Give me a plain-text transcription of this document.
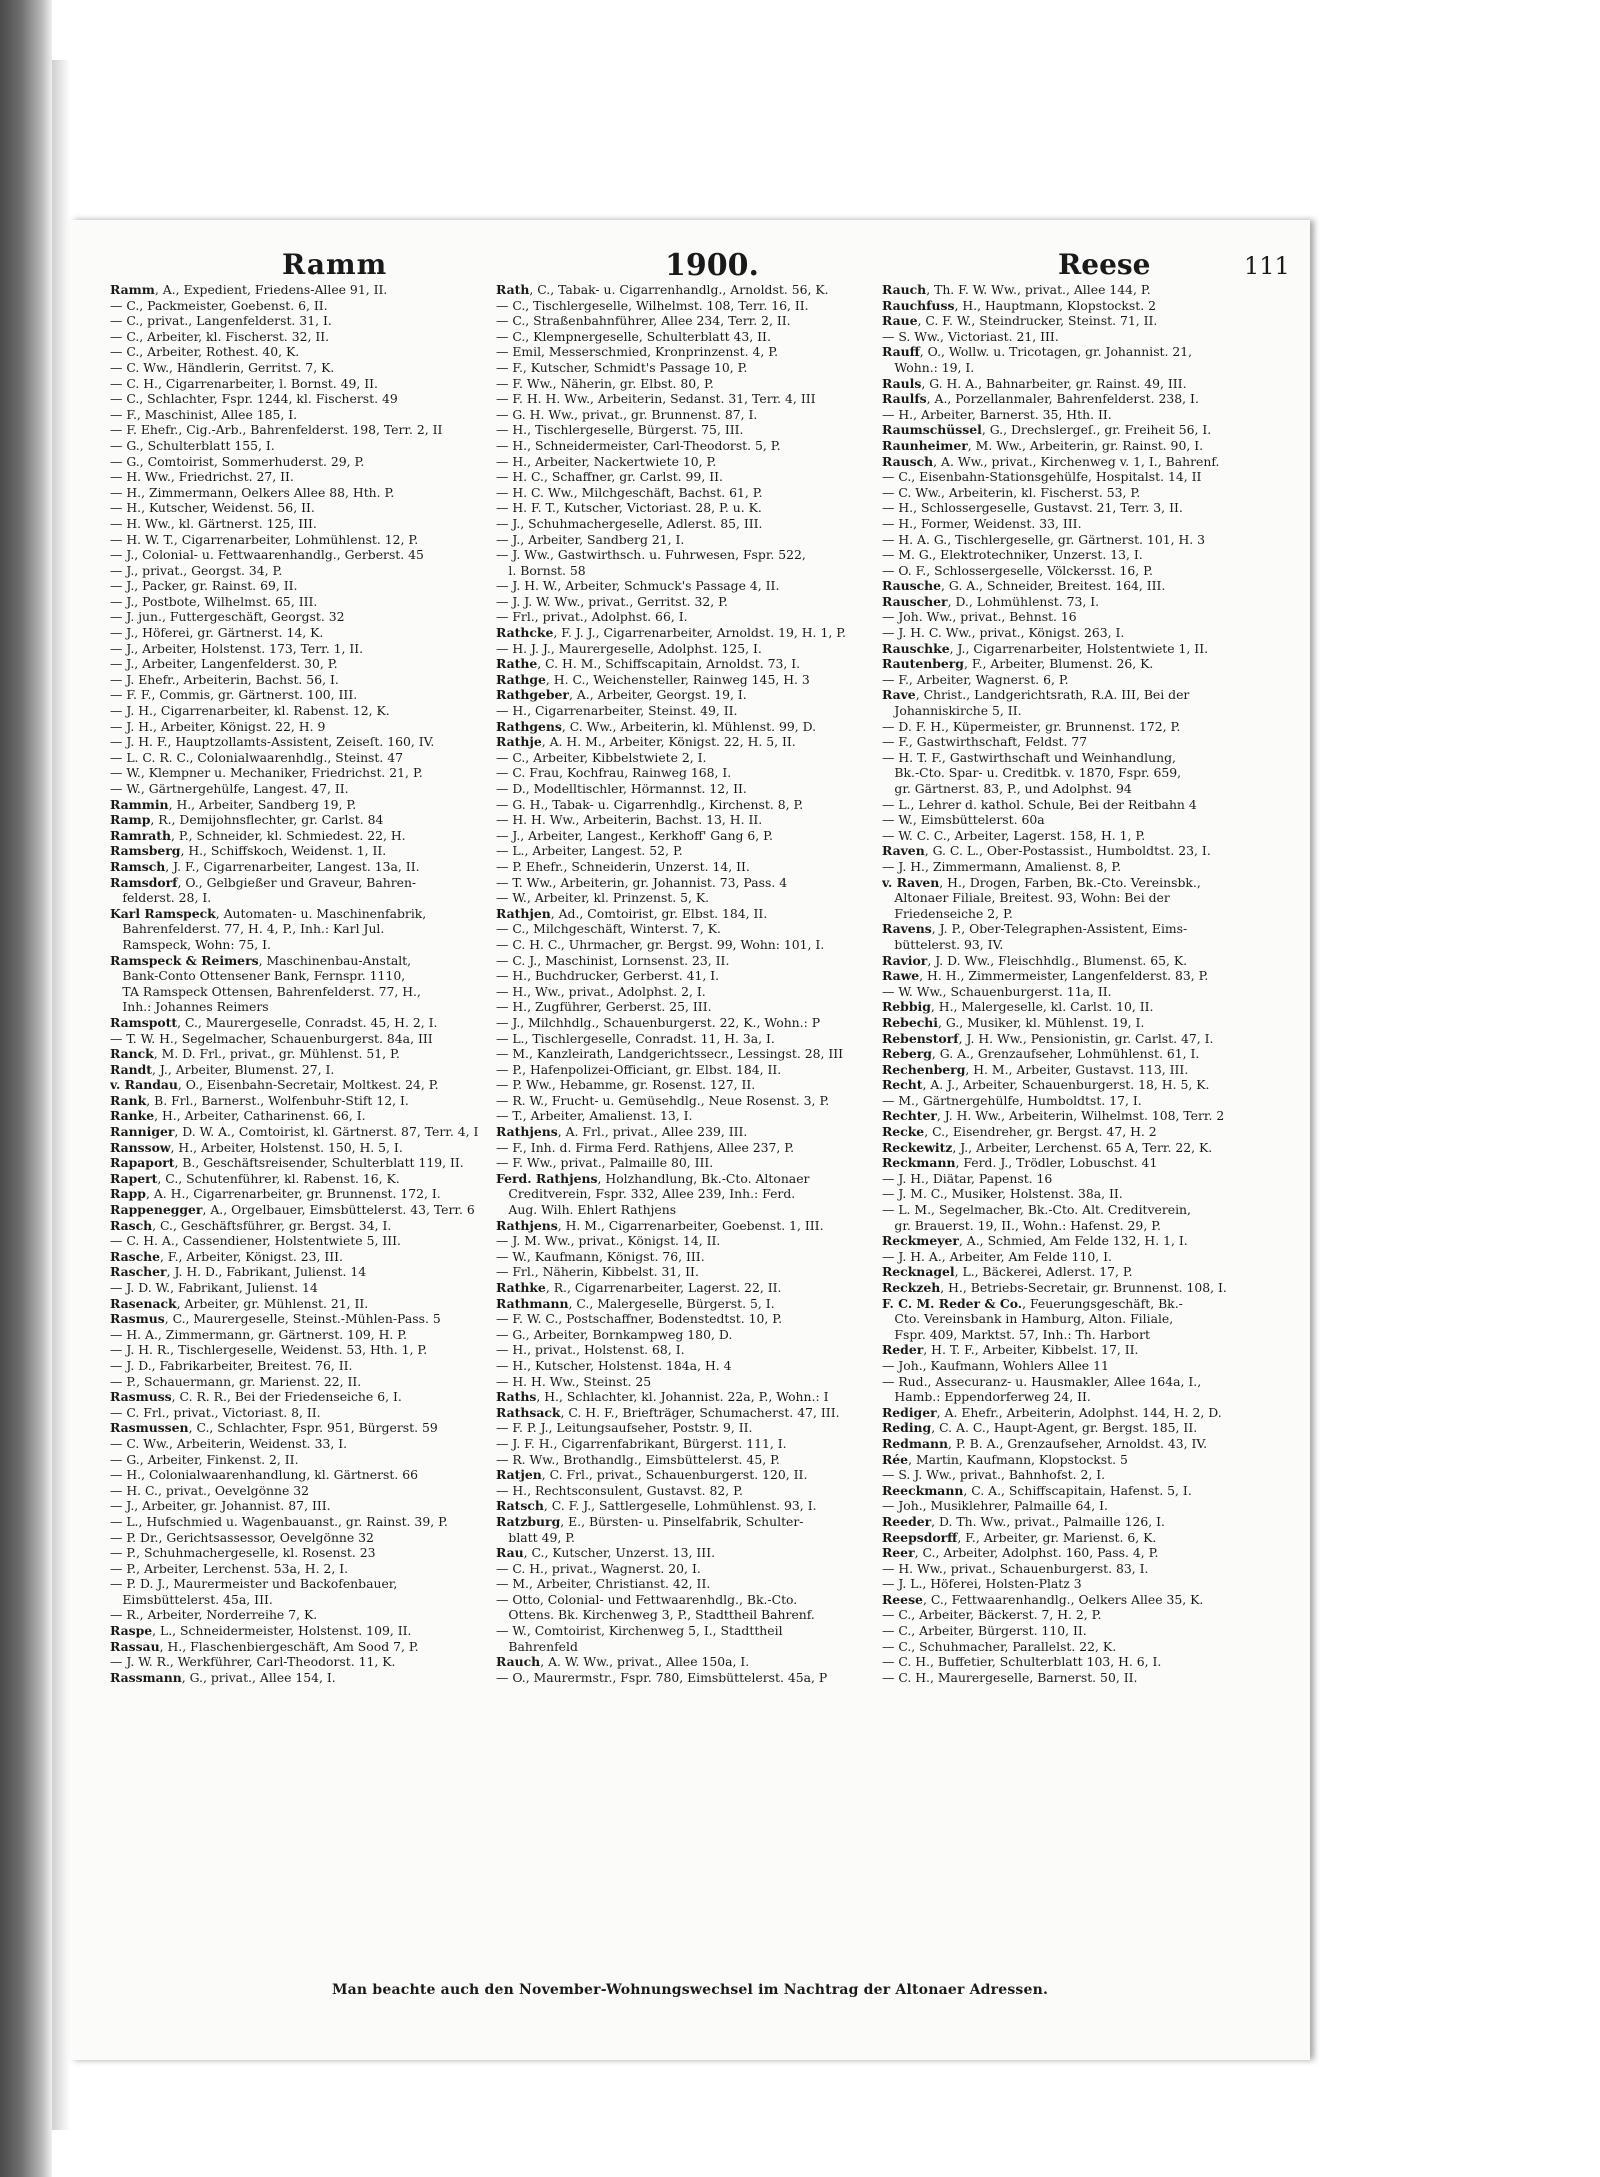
Ramm	1900.	Reese	111

Ramm, A., Expedient, Friedens-Allee 91, II.

— C., Packmeister, Goebenst. 6, II.

— C., privat., Langenfelderst. 31, I.

— C., Arbeiter, kl. Fischerst. 32, II.

— C., Arbeiter, Rothest. 40, K.

— C. Ww., Händlerin, Gerritst. 7, K.

— C. H., Cigarrenarbeiter, l. Bornst. 49, II.

— C., Schlachter, Fspr. 1244, kl. Fischerst. 49

— F., Maschinist, Allee 185, I.

— F. Ehefr., Cig.-Arb., Bahrenfelderst. 198, Terr. 2, II

— G., Schulterblatt 155, I.

— G., Comtoirist, Sommerhuderst. 29, P.

— H. Ww., Friedrichst. 27, II.

— H., Zimmermann, Oelkers Allee 88, Hth. P.

— H., Kutscher, Weidenst. 56, II.

— H. Ww., kl. Gärtnerst. 125, III.

— H. W. T., Cigarrenarbeiter, Lohmühlenst. 12, P.

— J., Colonial- u. Fettwaarenhandlg., Gerberst. 45

— J., privat., Georgst. 34, P.

— J., Packer, gr. Rainst. 69, II.

— J., Postbote, Wilhelmst. 65, III.

— J. jun., Futtergeschäft, Georgst. 32

— J., Höferei, gr. Gärtnerst. 14, K.

— J., Arbeiter, Holstenst. 173, Terr. 1, II.

— J., Arbeiter, Langenfelderst. 30, P.

— J. Ehefr., Arbeiterin, Bachst. 56, I.

— F. F., Commis, gr. Gärtnerst. 100, III.

— J. H., Cigarrenarbeiter, kl. Rabenst. 12, K.

— J. H., Arbeiter, Königst. 22, H. 9

— J. H. F., Hauptzollamts-Assistent, Zeiseſt. 160, IV.

— L. C. R. C., Colonialwaarenhdlg., Steinst. 47

— W., Klempner u. Mechaniker, Friedrichst. 21, P.

— W., Gärtnergehülfe, Langest. 47, II.

Rammin, H., Arbeiter, Sandberg 19, P.

Ramp, R., Demijohnsflechter, gr. Carlst. 84

Ramrath, P., Schneider, kl. Schmiedest. 22, H.

Ramsberg, H., Schiffskoch, Weidenst. 1, II.

Ramsch, J. F., Cigarrenarbeiter, Langest. 13a, II.

Ramsdorf, O., Gelbgießer und Graveur, Bahren-

 felderst. 28, I.

Karl Ramspeck, Automaten- u. Maschinenfabrik,

 Bahrenfelderst. 77, H. 4, P., Inh.: Karl Jul.

 Ramspeck, Wohn: 75, I.

Ramspeck & Reimers, Maschinenbau-Anstalt,

 Bank-Conto Ottensener Bank, Fernspr. 1110,

 TA Ramspeck Ottensen, Bahrenfelderst. 77, H.,

 Inh.: Johannes Reimers

Ramspott, C., Maurergeselle, Conradst. 45, H. 2, I.

— T. W. H., Segelmacher, Schauenburgerst. 84a, III

Ranck, M. D. Frl., privat., gr. Mühlenst. 51, P.

Randt, J., Arbeiter, Blumenst. 27, I.

v. Randau, O., Eisenbahn-Secretair, Moltkest. 24, P.

Rank, B. Frl., Barnerst., Wolfenbuhr-Stift 12, I.

Ranke, H., Arbeiter, Catharinenst. 66, I.

Ranniger, D. W. A., Comtoirist, kl. Gärtnerst. 87, Terr. 4, I

Ranssow, H., Arbeiter, Holstenst. 150, H. 5, I.

Rapaport, B., Geschäftsreisender, Schulterblatt 119, II.

Rapert, C., Schutenführer, kl. Rabenst. 16, K.

Rapp, A. H., Cigarrenarbeiter, gr. Brunnenst. 172, I.

Rappenegger, A., Orgelbauer, Eimsbüttelerst. 43, Terr. 6

Rasch, C., Geschäftsführer, gr. Bergst. 34, I.

— C. H. A., Cassendiener, Holstentwiete 5, III.

Rasche, F., Arbeiter, Königst. 23, III.

Rascher, J. H. D., Fabrikant, Julienst. 14

— J. D. W., Fabrikant, Julienst. 14

Rasenack, Arbeiter, gr. Mühlenst. 21, II.

Rasmus, C., Maurergeselle, Steinst.-Mühlen-Pass. 5

— H. A., Zimmermann, gr. Gärtnerst. 109, H. P.

— J. H. R., Tischlergeselle, Weidenst. 53, Hth. 1, P.

— J. D., Fabrikarbeiter, Breitest. 76, II.

— P., Schauermann, gr. Marienst. 22, II.

Rasmuss, C. R. R., Bei der Friedenseiche 6, I.

— C. Frl., privat., Victoriast. 8, II.

Rasmussen, C., Schlachter, Fspr. 951, Bürgerst. 59

— C. Ww., Arbeiterin, Weidenst. 33, I.

— G., Arbeiter, Finkenst. 2, II.

— H., Colonialwaarenhandlung, kl. Gärtnerst. 66

— H. C., privat., Oevelgönne 32

— J., Arbeiter, gr. Johannist. 87, III.

— L., Hufschmied u. Wagenbauanst., gr. Rainst. 39, P.

— P. Dr., Gerichtsassessor, Oevelgönne 32

— P., Schuhmachergeselle, kl. Rosenst. 23

— P., Arbeiter, Lerchenst. 53a, H. 2, I.

— P. D. J., Maurermeister und Backofenbauer,

 Eimsbüttelerst. 45a, III.

— R., Arbeiter, Norderreihe 7, K.

Raspe, L., Schneidermeister, Holstenst. 109, II.

Rassau, H., Flaschenbiergeschäft, Am Sood 7, P.

— J. W. R., Werkführer, Carl-Theodorst. 11, K.

Rassmann, G., privat., Allee 154, I.

Rath, C., Tabak- u. Cigarrenhandlg., Arnoldst. 56, K.

— C., Tischlergeselle, Wilhelmst. 108, Terr. 16, II.

— C., Straßenbahnführer, Allee 234, Terr. 2, II.

— C., Klempnergeselle, Schulterblatt 43, II.

— Emil, Messerschmied, Kronprinzenst. 4, P.

— F., Kutscher, Schmidt's Passage 10, P.

— F. Ww., Näherin, gr. Elbst. 80, P.

— F. H. H. Ww., Arbeiterin, Sedanst. 31, Terr. 4, III

— G. H. Ww., privat., gr. Brunnenst. 87, I.

— H., Tischlergeselle, Bürgerst. 75, III.

— H., Schneidermeister, Carl-Theodorst. 5, P.

— H., Arbeiter, Nackertwiete 10, P.

— H. C., Schaffner, gr. Carlst. 99, II.

— H. C. Ww., Milchgeschäft, Bachst. 61, P.

— H. F. T., Kutscher, Victoriast. 28, P. u. K.

— J., Schuhmachergeselle, Adlerst. 85, III.

— J., Arbeiter, Sandberg 21, I.

— J. Ww., Gastwirthsch. u. Fuhrwesen, Fspr. 522,

 l. Bornst. 58

— J. H. W., Arbeiter, Schmuck's Passage 4, II.

— J. J. W. Ww., privat., Gerritst. 32, P.

— Frl., privat., Adolphst. 66, I.

Rathcke, F. J. J., Cigarrenarbeiter, Arnoldst. 19, H. 1, P.

— H. J. J., Maurergeselle, Adolphst. 125, I.

Rathe, C. H. M., Schiffscapitain, Arnoldst. 73, I.

Rathge, H. C., Weichensteller, Rainweg 145, H. 3

Rathgeber, A., Arbeiter, Georgst. 19, I.

— H., Cigarrenarbeiter, Steinst. 49, II.

Rathgens, C. Ww., Arbeiterin, kl. Mühlenst. 99, D.

Rathje, A. H. M., Arbeiter, Königst. 22, H. 5, II.

— C., Arbeiter, Kibbelstwiete 2, I.

— C. Frau, Kochfrau, Rainweg 168, I.

— D., Modelltischler, Hörmannst. 12, II.

— G. H., Tabak- u. Cigarrenhdlg., Kirchenst. 8, P.

— H. H. Ww., Arbeiterin, Bachst. 13, H. II.

— J., Arbeiter, Langest., Kerkhoff' Gang 6, P.

— L., Arbeiter, Langest. 52, P.

— P. Ehefr., Schneiderin, Unzerst. 14, II.

— T. Ww., Arbeiterin, gr. Johannist. 73, Pass. 4

— W., Arbeiter, kl. Prinzenst. 5, K.

Rathjen, Ad., Comtoirist, gr. Elbst. 184, II.

— C., Milchgeschäft, Winterst. 7, K.

— C. H. C., Uhrmacher, gr. Bergst. 99, Wohn: 101, I.

— C. J., Maschinist, Lornsenst. 23, II.

— H., Buchdrucker, Gerberst. 41, I.

— H., Ww., privat., Adolphst. 2, I.

— H., Zugführer, Gerberst. 25, III.

— J., Milchhdlg., Schauenburgerst. 22, K., Wohn.: P

— L., Tischlergeselle, Conradst. 11, H. 3a, I.

— M., Kanzleirath, Landgerichtssecr., Lessingst. 28, III

— P., Hafenpolizei-Officiant, gr. Elbst. 184, II.

— P. Ww., Hebamme, gr. Rosenst. 127, II.

— R. W., Frucht- u. Gemüsehdlg., Neue Rosenst. 3, P.

— T., Arbeiter, Amalienst. 13, I.

Rathjens, A. Frl., privat., Allee 239, III.

— F., Inh. d. Firma Ferd. Rathjens, Allee 237, P.

— F. Ww., privat., Palmaille 80, III.

Ferd. Rathjens, Holzhandlung, Bk.-Cto. Altonaer

 Creditverein, Fspr. 332, Allee 239, Inh.: Ferd.

 Aug. Wilh. Ehlert Rathjens

Rathjens, H. M., Cigarrenarbeiter, Goebenst. 1, III.

— J. M. Ww., privat., Königst. 14, II.

— W., Kaufmann, Königst. 76, III.

— Frl., Näherin, Kibbelst. 31, II.

Rathke, R., Cigarrenarbeiter, Lagerst. 22, II.

Rathmann, C., Malergeselle, Bürgerst. 5, I.

— F. W. C., Postschaffner, Bodenstedtst. 10, P.

— G., Arbeiter, Bornkampweg 180, D.

— H., privat., Holstenst. 68, I.

— H., Kutscher, Holstenst. 184a, H. 4

— H. H. Ww., Steinst. 25

Raths, H., Schlachter, kl. Johannist. 22a, P., Wohn.: I

Rathsack, C. H. F., Briefträger, Schumacherst. 47, III.

— F. P. J., Leitungsaufseher, Poststr. 9, II.

— J. F. H., Cigarrenfabrikant, Bürgerst. 111, I.

— R. Ww., Brothandlg., Eimsbüttelerst. 45, P.

Ratjen, C. Frl., privat., Schauenburgerst. 120, II.

— H., Rechtsconsulent, Gustavst. 82, P.

Ratsch, C. F. J., Sattlergeselle, Lohmühlenst. 93, I.

Ratzburg, E., Bürsten- u. Pinselfabrik, Schulter-

 blatt 49, P.

Rau, C., Kutscher, Unzerst. 13, III.

— C. H., privat., Wagnerst. 20, I.

— M., Arbeiter, Christianst. 42, II.

— Otto, Colonial- und Fettwaarenhdlg., Bk.-Cto.

 Ottens. Bk. Kirchenweg 3, P., Stadttheil Bahrenf.

— W., Comtoirist, Kirchenweg 5, I., Stadttheil

 Bahrenfeld

Rauch, A. W. Ww., privat., Allee 150a, I.

— O., Maurermstr., Fspr. 780, Eimsbüttelerst. 45a, P

Rauch, Th. F. W. Ww., privat., Allee 144, P.

Rauchfuss, H., Hauptmann, Klopstockst. 2

Raue, C. F. W., Steindrucker, Steinst. 71, II.

— S. Ww., Victoriast. 21, III.

Rauff, O., Wollw. u. Tricotagen, gr. Johannist. 21,

 Wohn.: 19, I.

Rauls, G. H. A., Bahnarbeiter, gr. Rainst. 49, III.

Raulfs, A., Porzellanmaler, Bahrenfelderst. 238, I.

— H., Arbeiter, Barnerst. 35, Hth. II.

Raumschüssel, G., Drechslergeſ., gr. Freiheit 56, I.

Raunheimer, M. Ww., Arbeiterin, gr. Rainst. 90, I.

Rausch, A. Ww., privat., Kirchenweg v. 1, I., Bahrenf.

— C., Eisenbahn-Stationsgehülfe, Hospitalst. 14, II

— C. Ww., Arbeiterin, kl. Fischerst. 53, P.

— H., Schlossergeselle, Gustavst. 21, Terr. 3, II.

— H., Former, Weidenst. 33, III.

— H. A. G., Tischlergeselle, gr. Gärtnerst. 101, H. 3

— M. G., Elektrotechniker, Unzerst. 13, I.

— O. F., Schlossergeselle, Völckersst. 16, P.

Rausche, G. A., Schneider, Breitest. 164, III.

Rauscher, D., Lohmühlenst. 73, I.

— Joh. Ww., privat., Behnst. 16

— J. H. C. Ww., privat., Königst. 263, I.

Rauschke, J., Cigarrenarbeiter, Holstentwiete 1, II.

Rautenberg, F., Arbeiter, Blumenst. 26, K.

— F., Arbeiter, Wagnerst. 6, P.

Rave, Christ., Landgerichtsrath, R.A. III, Bei der

 Johanniskirche 5, II.

— D. F. H., Küpermeister, gr. Brunnenst. 172, P.

— F., Gastwirthschaft, Feldst. 77

— H. T. F., Gastwirthschaft und Weinhandlung,

 Bk.-Cto. Spar- u. Creditbk. v. 1870, Fspr. 659,

 gr. Gärtnerst. 83, P., und Adolphst. 94

— L., Lehrer d. kathol. Schule, Bei der Reitbahn 4

— W., Eimsbüttelerst. 60a

— W. C. C., Arbeiter, Lagerst. 158, H. 1, P.

Raven, G. C. L., Ober-Postassist., Humboldtst. 23, I.

— J. H., Zimmermann, Amalienst. 8, P.

v. Raven, H., Drogen, Farben, Bk.-Cto. Vereinsbk.,

 Altonaer Filiale, Breitest. 93, Wohn: Bei der

 Friedenseiche 2, P.

Ravens, J. P., Ober-Telegraphen-Assistent, Eims-

 büttelerst. 93, IV.

Ravior, J. D. Ww., Fleischhdlg., Blumenst. 65, K.

Rawe, H. H., Zimmermeister, Langenfelderst. 83, P.

— W. Ww., Schauenburgerst. 11a, II.

Rebbig, H., Malergeselle, kl. Carlst. 10, II.

Rebechi, G., Musiker, kl. Mühlenst. 19, I.

Rebenstorf, J. H. Ww., Pensionistin, gr. Carlst. 47, I.

Reberg, G. A., Grenzaufseher, Lohmühlenst. 61, I.

Rechenberg, H. M., Arbeiter, Gustavst. 113, III.

Recht, A. J., Arbeiter, Schauenburgerst. 18, H. 5, K.

— M., Gärtnergehülfe, Humboldtst. 17, I.

Rechter, J. H. Ww., Arbeiterin, Wilhelmst. 108, Terr. 2

Recke, C., Eisendreher, gr. Bergst. 47, H. 2

Reckewitz, J., Arbeiter, Lerchenst. 65 A, Terr. 22, K.

Reckmann, Ferd. J., Trödler, Lobuschst. 41

— J. H., Diätar, Papenst. 16

— J. M. C., Musiker, Holstenst. 38a, II.

— L. M., Segelmacher, Bk.-Cto. Alt. Creditverein,

 gr. Brauerst. 19, II., Wohn.: Hafenst. 29, P.

Reckmeyer, A., Schmied, Am Felde 132, H. 1, I.

— J. H. A., Arbeiter, Am Felde 110, I.

Recknagel, L., Bäckerei, Adlerst. 17, P.

Reckzeh, H., Betriebs-Secretair, gr. Brunnenst. 108, I.

F. C. M. Reder & Co., Feuerungsgeschäft, Bk.-

 Cto. Vereinsbank in Hamburg, Alton. Filiale,

 Fspr. 409, Marktst. 57, Inh.: Th. Harbort

Reder, H. T. F., Arbeiter, Kibbelst. 17, II.

— Joh., Kaufmann, Wohlers Allee 11

— Rud., Assecuranz- u. Hausmakler, Allee 164a, I.,

 Hamb.: Eppendorferweg 24, II.

Rediger, A. Ehefr., Arbeiterin, Adolphst. 144, H. 2, D.

Reding, C. A. C., Haupt-Agent, gr. Bergst. 185, II.

Redmann, P. B. A., Grenzaufseher, Arnoldst. 43, IV.

Rée, Martin, Kaufmann, Klopstockst. 5

— S. J. Ww., privat., Bahnhofst. 2, I.

Reeckmann, C. A., Schiffscapitain, Hafenst. 5, I.

— Joh., Musiklehrer, Palmaille 64, I.

Reeder, D. Th. Ww., privat., Palmaille 126, I.

Reepsdorff, F., Arbeiter, gr. Marienst. 6, K.

Reer, C., Arbeiter, Adolphst. 160, Pass. 4, P.

— H. Ww., privat., Schauenburgerst. 83, I.

— J. L., Höferei, Holsten-Platz 3

Reese, C., Fettwaarenhandlg., Oelkers Allee 35, K.

— C., Arbeiter, Bäckerst. 7, H. 2, P.

— C., Arbeiter, Bürgerst. 110, II.

— C., Schuhmacher, Parallelst. 22, K.

— C. H., Buffetier, Schulterblatt 103, H. 6, I.

— C. H., Maurergeselle, Barnerst. 50, II.

Man beachte auch den November-Wohnungswechsel im Nachtrag der Altonaer Adressen.
